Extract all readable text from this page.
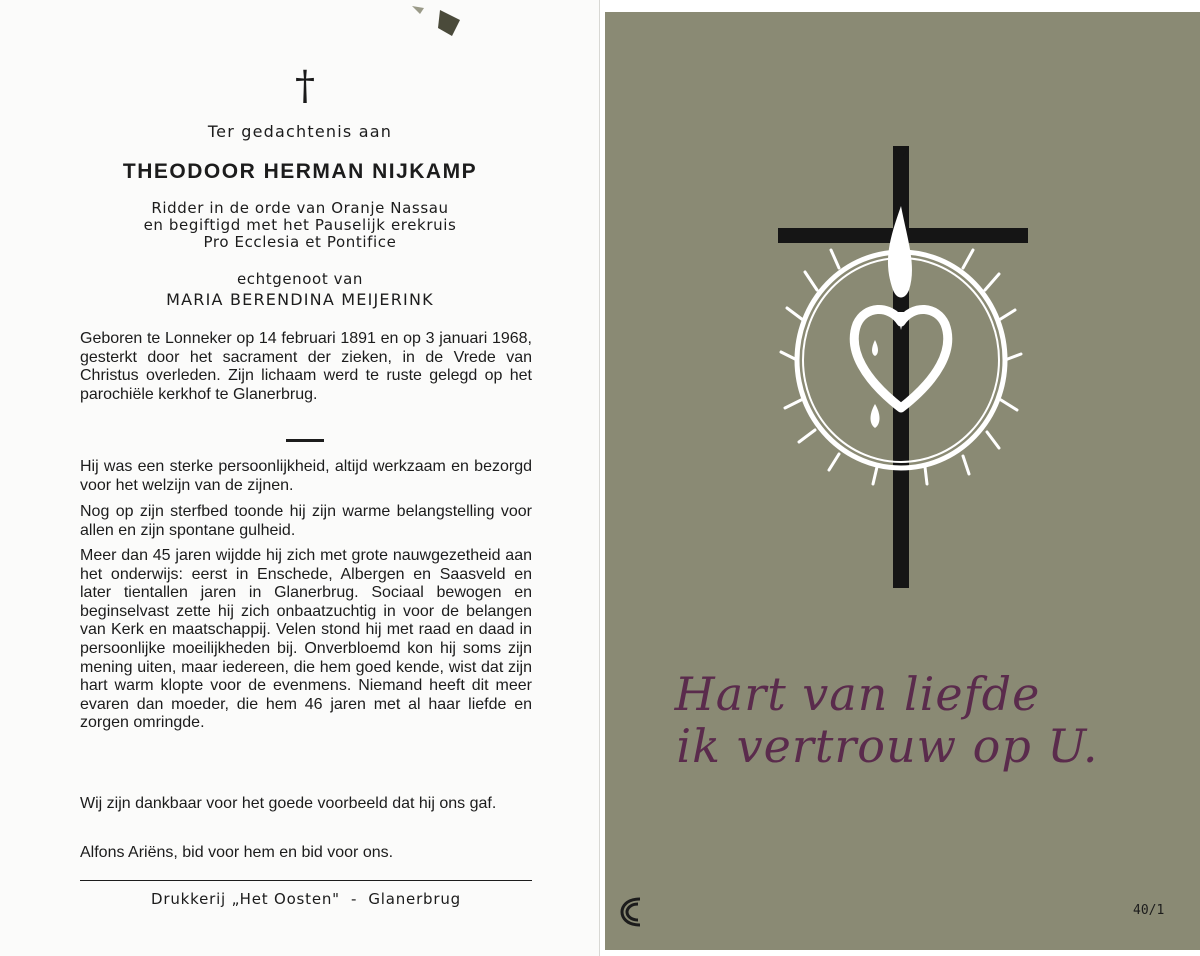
†
Ter gedachtenis aan
THEODOOR HERMAN NIJKAMP
Ridder in de orde van Oranje Nassau
en begiftigd met het Pauselijk erekruis
Pro Ecclesia et Pontifice
echtgenoot van
MARIA BERENDINA MEIJERINK
Geboren te Lonneker op 14 februari 1891 en op 3 januari 1968, gesterkt door het sacrament der zieken, in de Vrede van Christus overleden. Zijn lichaam werd te ruste gelegd op het parochiële kerkhof te Glanerbrug.
Hij was een sterke persoonlijkheid, altijd werkzaam en bezorgd voor het welzijn van de zijnen.
Nog op zijn sterfbed toonde hij zijn warme belangstelling voor allen en zijn spontane gulheid.
Meer dan 45 jaren wijdde hij zich met grote nauwgezetheid aan het onderwijs: eerst in Enschede, Albergen en Saasveld en later tientallen jaren in Glanerbrug. Sociaal bewogen en beginselvast zette hij zich onbaatzuchtig in voor de belangen van Kerk en maatschappij. Velen stond hij met raad en daad in persoonlijke moeilijkheden bij. Onverbloemd kon hij soms zijn mening uiten, maar iedereen, die hem goed kende, wist dat zijn hart warm klopte voor de evenmens. Niemand heeft dit meer evaren dan moeder, die hem 46 jaren met al haar liefde en zorgen omringde.
Wij zijn dankbaar voor het goede voorbeeld dat hij ons gaf.
Alfons Ariëns, bid voor hem en bid voor ons.
Drukkerij „Het Oosten"  -  Glanerbrug
Hart van liefde
ik vertrouw op U.
40/1
